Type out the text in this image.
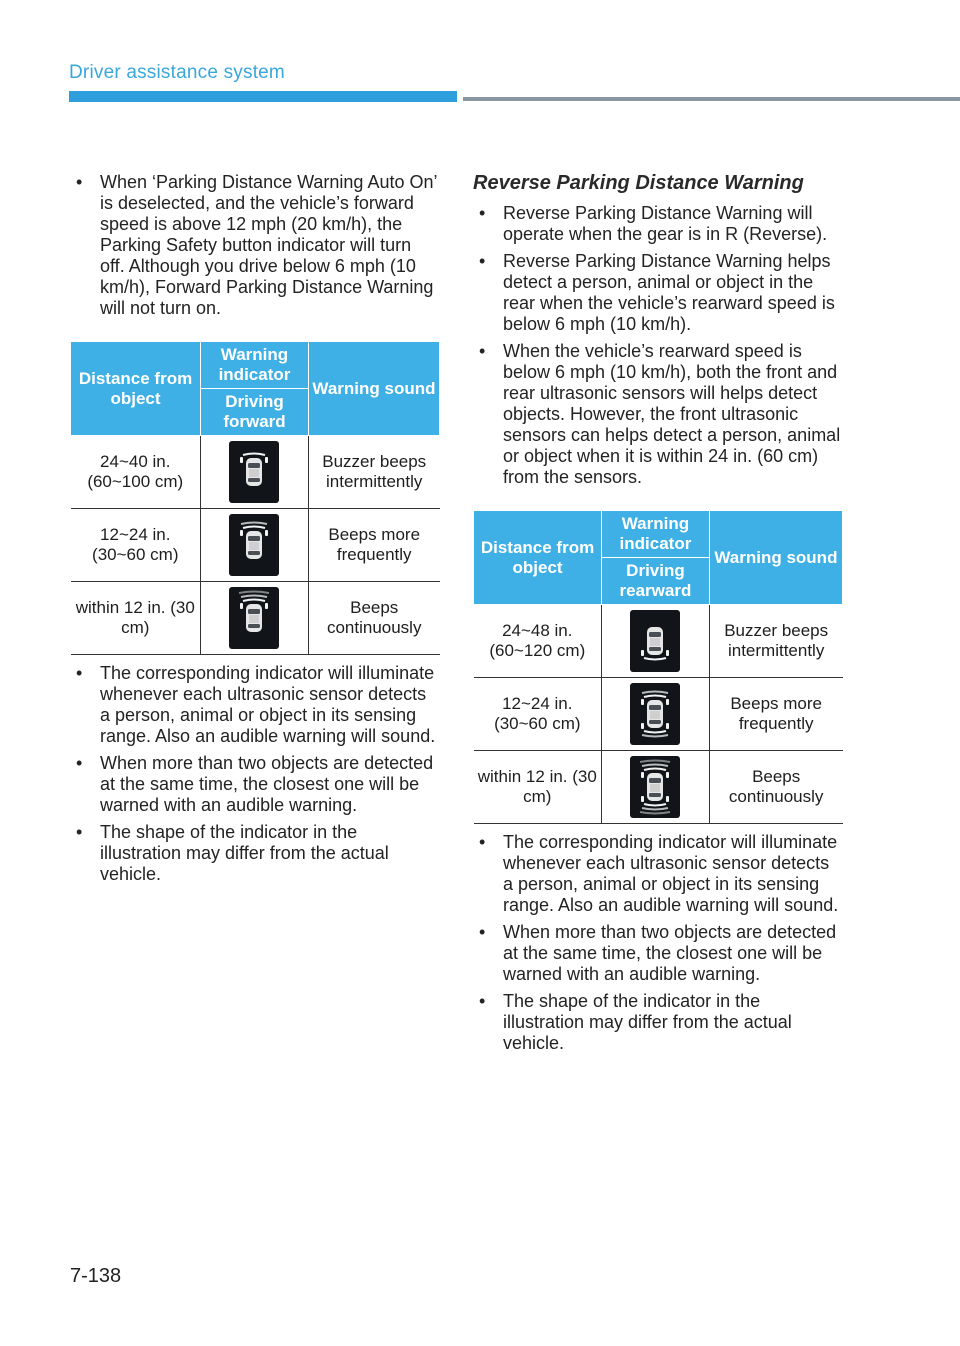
Driver assistance system
• When ‘Parking Distance Warning Auto On’ is deselected, and the vehicle’s forward speed is above 12 mph (20 km/h), the Parking Safety button indicator will turn off. Although you drive below 6 mph (10 km/h), Forward Parking Distance Warning will not turn on.
Distance from object	Warning indicator	Warning sound
	Driving forward	
24~40 in. (60~100 cm)		Buzzer beeps intermittently
12~24 in. (30~60 cm)		Beeps more frequently
within 12 in. (30 cm)		Beeps continuously
• The corresponding indicator will illuminate whenever each ultrasonic sensor detects a person, animal or object in its sensing range. Also an audible warning will sound.
• When more than two objects are detected at the same time, the closest one will be warned with an audible warning.
• The shape of the indicator in the illustration may differ from the actual vehicle.
Reverse Parking Distance Warning
• Reverse Parking Distance Warning will operate when the gear is in R (Reverse).
• Reverse Parking Distance Warning helps detect a person, animal or object in the rear when the vehicle’s rearward speed is below 6 mph (10 km/h).
• When the vehicle’s rearward speed is below 6 mph (10 km/h), both the front and rear ultrasonic sensors will helps detect objects. However, the front ultrasonic sensors can helps detect a person, animal or object when it is within 24 in. (60 cm) from the sensors.
Distance from object	Warning indicator	Warning sound
	Driving rearward	
24~48 in. (60~120 cm)		Buzzer beeps intermittently
12~24 in. (30~60 cm)		Beeps more frequently
within 12 in. (30 cm)		Beeps continuously
• The corresponding indicator will illuminate whenever each ultrasonic sensor detects a person, animal or object in its sensing range. Also an audible warning will sound.
• When more than two objects are detected at the same time, the closest one will be warned with an audible warning.
• The shape of the indicator in the illustration may differ from the actual vehicle.
7-138
